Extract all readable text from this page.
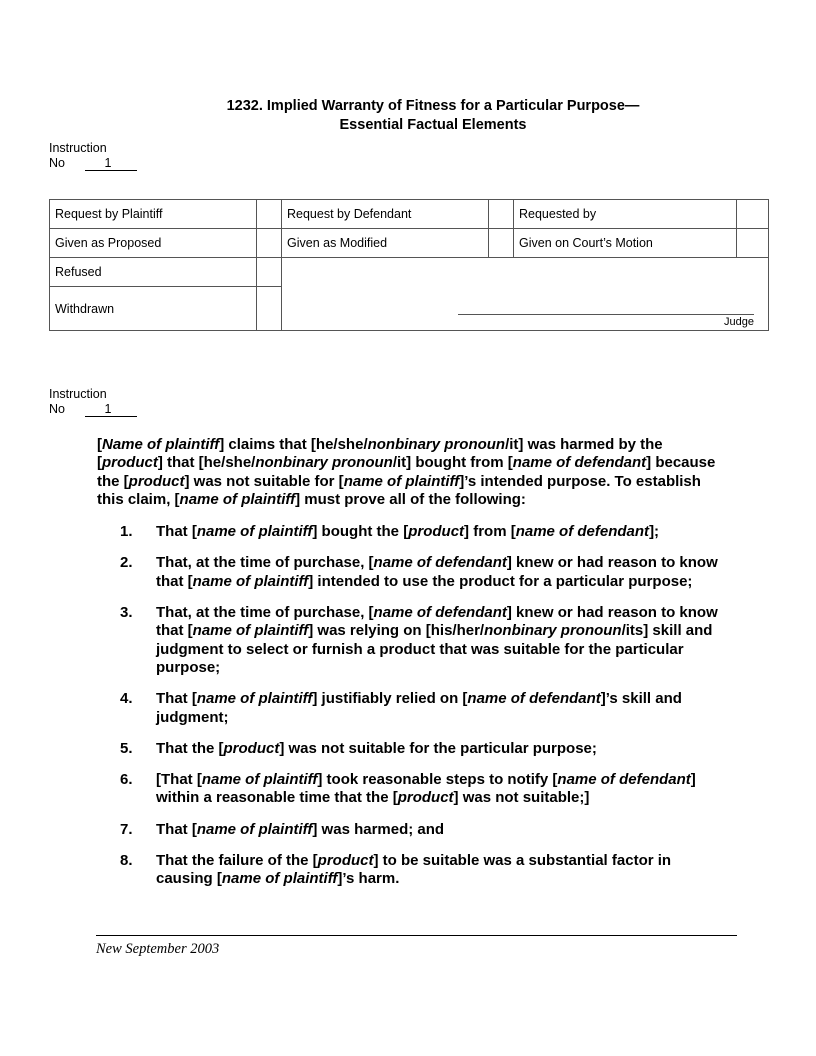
1232. Implied Warranty of Fitness for a Particular Purpose—
Essential Factual Elements
Instruction
No	1
Request by Plaintiff		Request by Defendant		Requested by	
Given as Proposed		Given as Modified		Given on Court’s Motion	
Refused		Judge			

Withdrawn					
Instruction
No	1

[Name of plaintiff] claims that [he/she/nonbinary pronoun/it] was harmed by the [product] that [he/she/nonbinary pronoun/it] bought from [name of defendant] because the [product] was not suitable for [name of plaintiff]’s intended purpose. To establish this claim, [name of plaintiff] must prove all of the following:

1.	That [name of plaintiff] bought the [product] from [name of defendant];
2.	That, at the time of purchase, [name of defendant] knew or had reason to know that [name of plaintiff] intended to use the product for a particular purpose;
3.	That, at the time of purchase, [name of defendant] knew or had reason to know that [name of plaintiff] was relying on [his/her/nonbinary pronoun/its] skill and judgment to select or furnish a product that was suitable for the particular purpose;
4.	That [name of plaintiff] justifiably relied on [name of defendant]’s skill and judgment;
5.	That the [product] was not suitable for the particular purpose;
6.	[That [name of plaintiff] took reasonable steps to notify [name of defendant] within a reasonable time that the [product] was not suitable;]
7.	That [name of plaintiff] was harmed; and
8.	That the failure of the [product] to be suitable was a substantial factor in causing [name of plaintiff]’s harm.
New September 2003
